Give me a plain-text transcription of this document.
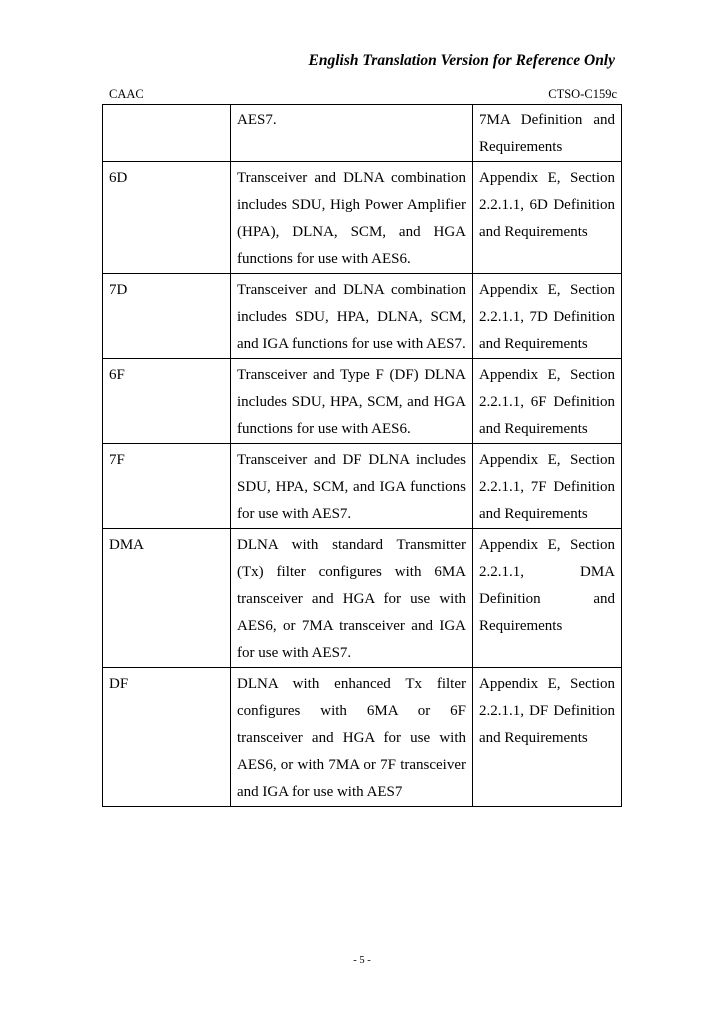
English Translation Version for Reference Only
CAAC	CTSO-C159c
	AES7.	7MA Definition and Requirements
6D	Transceiver and DLNA combination includes SDU, High Power Amplifier (HPA), DLNA, SCM, and HGA functions for use with AES6.	Appendix E, Section 2.2.1.1, 6D Definition and Requirements
7D	Transceiver and DLNA combination includes SDU, HPA, DLNA, SCM, and IGA functions for use with AES7.	Appendix E, Section 2.2.1.1, 7D Definition and Requirements
6F	Transceiver and Type F (DF) DLNA includes SDU, HPA, SCM, and HGA functions for use with AES6.	Appendix E, Section 2.2.1.1, 6F Definition and Requirements
7F	Transceiver and DF DLNA includes SDU, HPA, SCM, and IGA functions for use with AES7.	Appendix E, Section 2.2.1.1, 7F Definition and Requirements
DMA	DLNA with standard Transmitter (Tx) filter configures with 6MA transceiver and HGA for use with AES6, or 7MA transceiver and IGA for use with AES7.	Appendix E, Section 2.2.1.1, DMA Definition and Requirements
DF	DLNA with enhanced Tx filter configures with 6MA or 6F transceiver and HGA for use with AES6, or with 7MA or 7F transceiver and IGA for use with AES7	Appendix E, Section 2.2.1.1, DF Definition and Requirements
- 5 -
